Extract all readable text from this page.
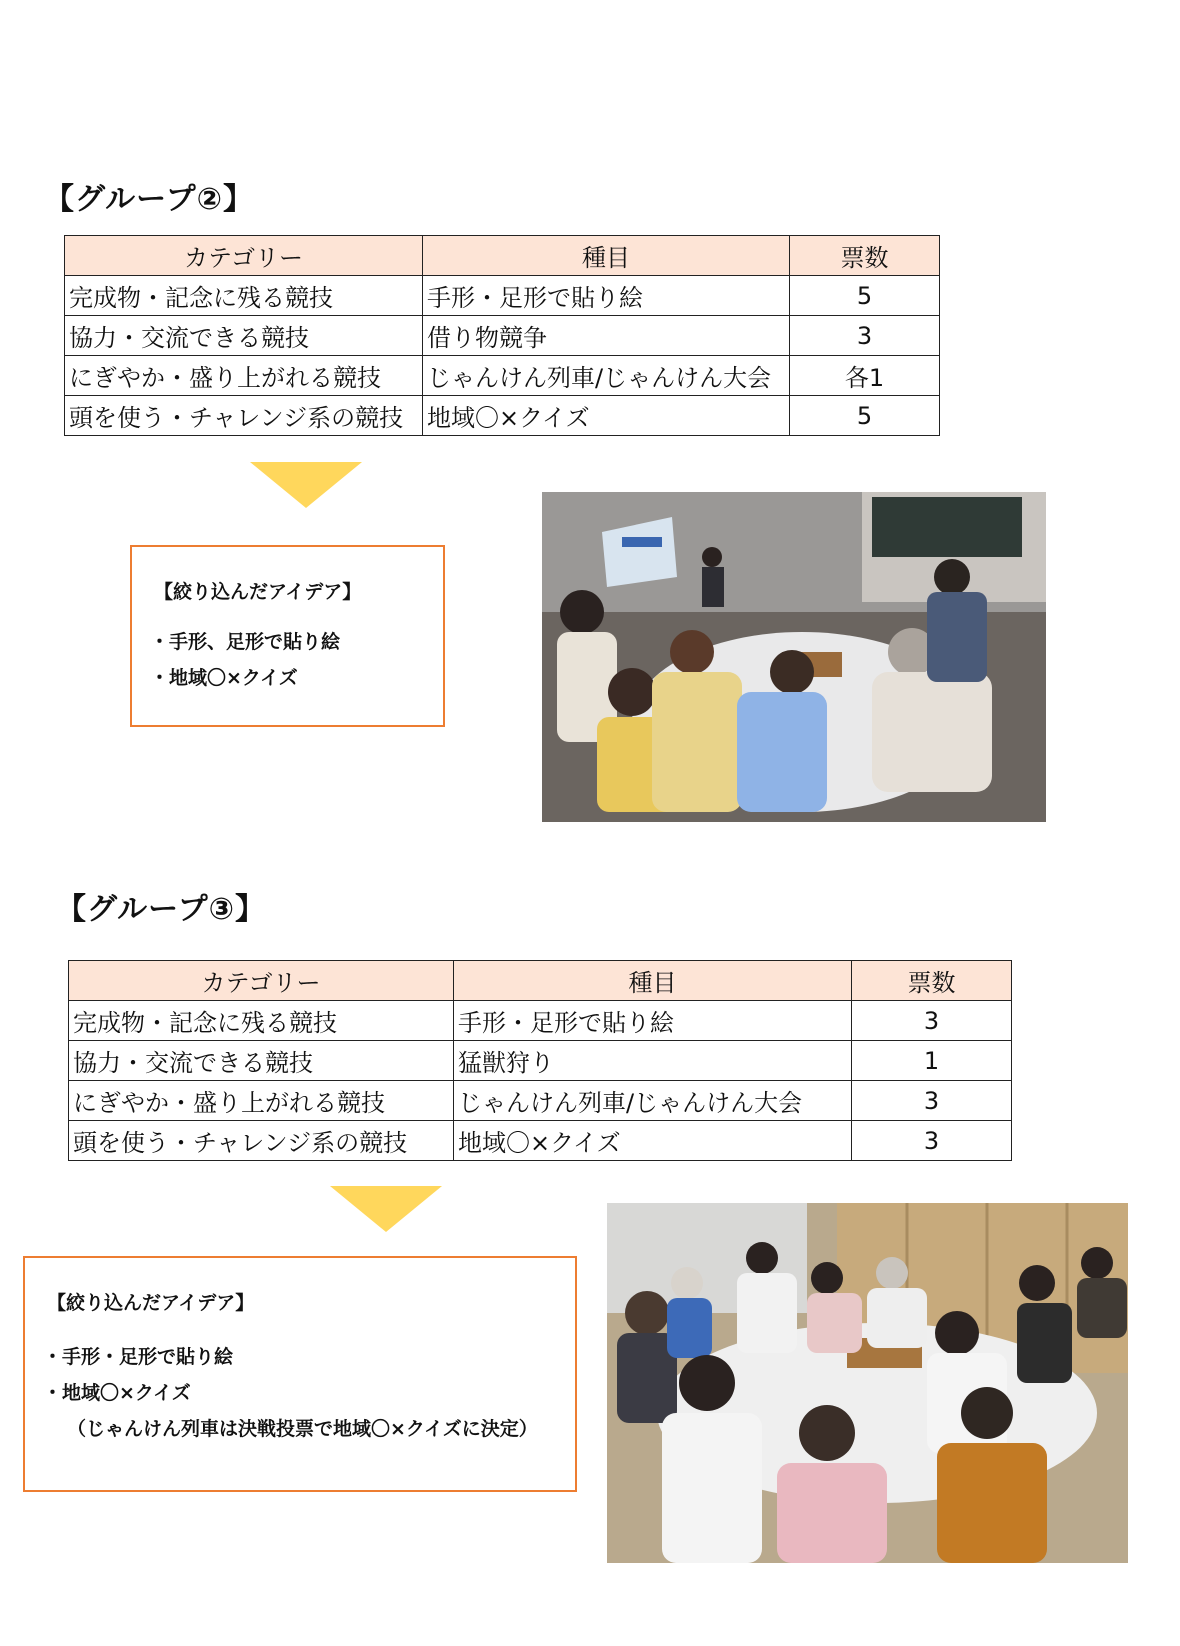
【グループ②】
カテゴリー	種目	票数
完成物・記念に残る競技	手形・足形で貼り絵	5
協力・交流できる競技	借り物競争	3
にぎやか・盛り上がれる競技	じゃんけん列車/じゃんけん大会	各1
頭を使う・チャレンジ系の競技	地域〇×クイズ	5
【絞り込んだアイデア】
・手形、足形で貼り絵
・地域〇×クイズ
【グループ③】
カテゴリー	種目	票数
完成物・記念に残る競技	手形・足形で貼り絵	3
協力・交流できる競技	猛獣狩り	1
にぎやか・盛り上がれる競技	じゃんけん列車/じゃんけん大会	3
頭を使う・チャレンジ系の競技	地域〇×クイズ	3
【絞り込んだアイデア】
・手形・足形で貼り絵
・地域〇×クイズ
（じゃんけん列車は決戦投票で地域〇×クイズに決定）
